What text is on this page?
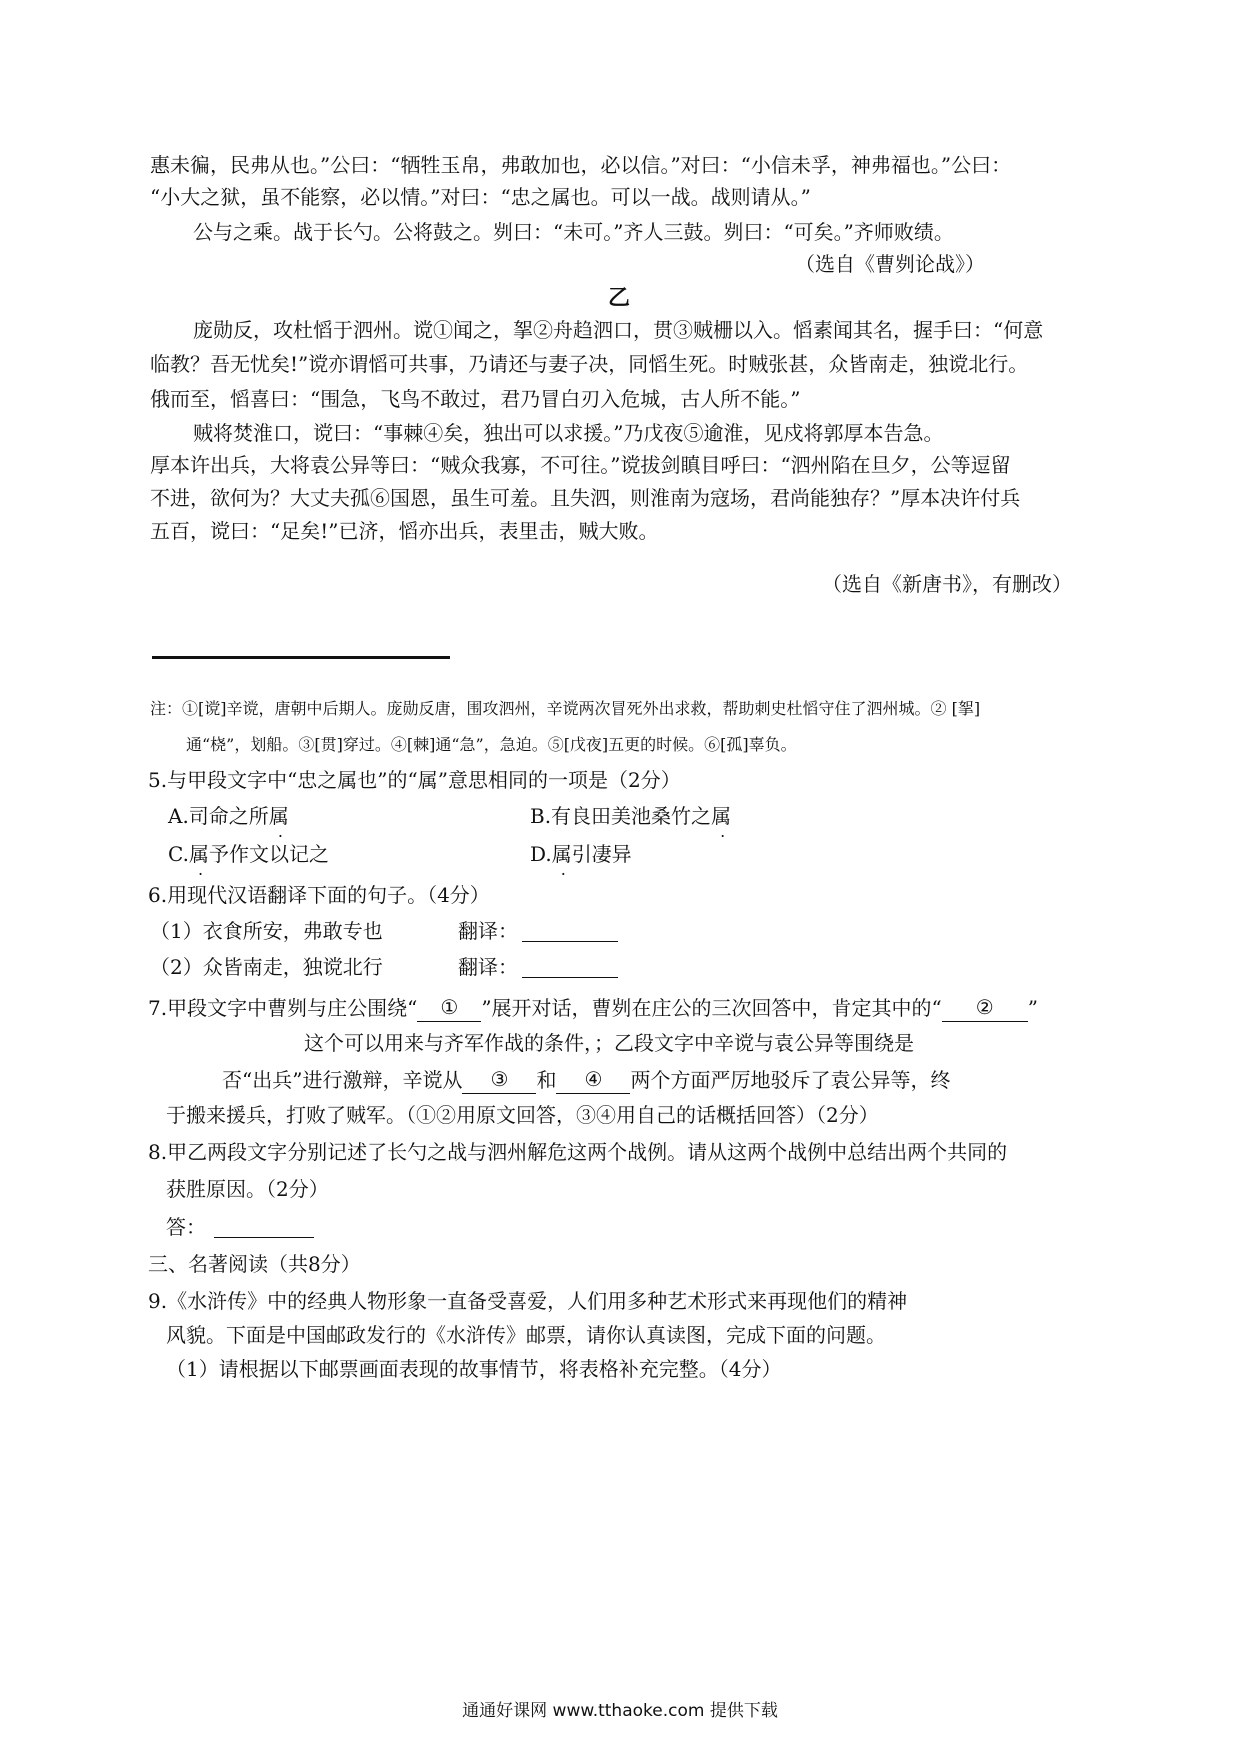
惠未徧，民弗从也。”公曰：“牺牲玉帛，弗敢加也，必以信。”对曰：“小信未孚，神弗福也。”公曰：
“小大之狱，虽不能察，必以情。”对曰：“忠之属也。可以一战。战则请从。”
公与之乘。战于长勺。公将鼓之。刿曰：“未可。”齐人三鼓。刿曰：“可矣。”齐师败绩。
（选自《曹刿论战》）
乙
庞勋反，攻杜慆于泗州。谠①闻之，挐②舟趋泗口，贯③贼栅以入。慆素闻其名，握手曰：“何意
临教？吾无忧矣!”谠亦谓慆可共事，乃请还与妻子决，同慆生死。时贼张甚，众皆南走，独谠北行。
俄而至，慆喜曰：“围急，飞鸟不敢过，君乃冒白刃入危城，古人所不能。”
贼将焚淮口，谠曰：“事棘④矣，独出可以求援。”乃戊夜⑤逾淮，见戍将郭厚本告急。
厚本许出兵，大将袁公异等曰：“贼众我寡，不可往。”谠拔剑瞋目呼曰：“泗州陷在旦夕，公等逗留
不进，欲何为？大丈夫孤⑥国恩，虽生可羞。且失泗，则淮南为寇场，君尚能独存？”厚本决许付兵
五百，谠曰：“足矣!”已济，慆亦出兵，表里击，贼大败。
（选自《新唐书》，有删改）
注：①[谠]辛谠，唐朝中后期人。庞勋反唐，围攻泗州，辛谠两次冒死外出求救，帮助刺史杜慆守住了泗州城。② [挐]
通“桡”，划船。③[贯]穿过。④[棘]通“急”，急迫。⑤[戊夜]五更的时候。⑥[孤]辜负。
5.与甲段文字中“忠之属也”的“属”意思相同的一项是（2分）
A.司命之所属	B.有良田美池桑竹之属
C.属予作文以记之	D.属引凄异
6.用现代汉语翻译下面的句子。（4分）
（1）衣食所安，弗敢专也	翻译：
（2）众皆南走，独谠北行	翻译：
7.甲段文字中曹刿与庄公围绕“ ① ”展开对话，曹刿在庄公的三次回答中，肯定其中的“ ② ”
这个可以用来与齐军作战的条件，；乙段文字中辛谠与袁公异等围绕是
否“出兵”进行激辩，辛谠从 ③ 和 ④ 两个方面严厉地驳斥了袁公异等，终
于搬来援兵，打败了贼军。（①②用原文回答，③④用自己的话概括回答）（2分）
8.甲乙两段文字分别记述了长勺之战与泗州解危这两个战例。请从这两个战例中总结出两个共同的
获胜原因。（2分）
答：
三、名著阅读（共8分）
9.《水浒传》中的经典人物形象一直备受喜爱，人们用多种艺术形式来再现他们的精神
风貌。下面是中国邮政发行的《水浒传》邮票，请你认真读图，完成下面的问题。
（1）请根据以下邮票画面表现的故事情节，将表格补充完整。（4分）
通通好课网 www.tthaoke.com 提供下载
